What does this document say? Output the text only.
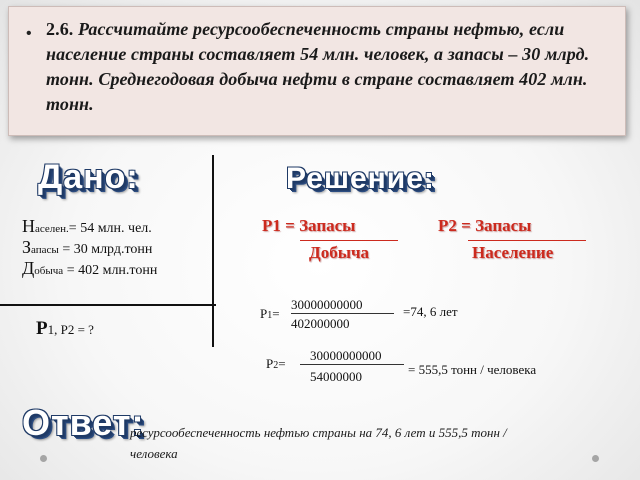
• 2.6. Рассчитайте ресурсообеспеченность страны нефтью, если население страны составляет 54 млн. человек, а запасы – 30 млрд. тонн. Среднегодовая добыча нефти в стране составляет 402 млн. тонн.
Дано:	Решение:
Населен.= 54 млн. чел.
Запасы = 30 млрд.тонн
Добыча = 402 млн.тонн
Р1, Р2 = ?
Р1 = Запасы
Добыча
Р2 = Запасы
Население
Р1=
30000000000
402000000
=74, 6 лет
Р2=
30000000000
54000000	= 555,5 тонн / человека
Ответ:
ресурсообеспеченность нефтью страны на 74, 6 лет и 555,5 тонн /человека
